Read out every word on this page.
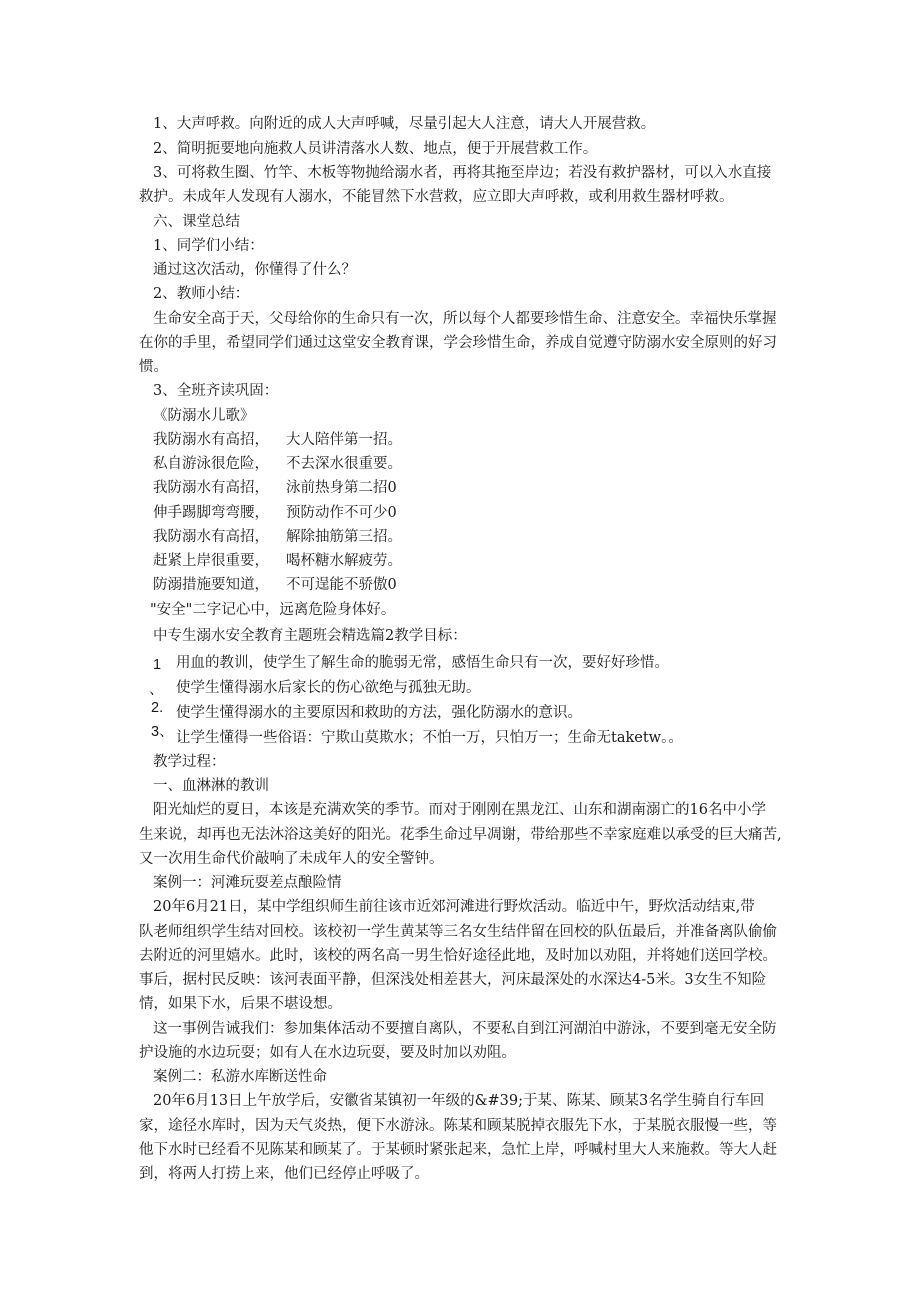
1、大声呼救。向附近的成人大声呼喊，尽量引起大人注意，请大人开展营救。
2、简明扼要地向施救人员讲清落水人数、地点，便于开展营救工作。
3、可将救生圈、竹竿、木板等物抛给溺水者，再将其拖至岸边；若没有救护器材，可以入水直接
救护。未成年人发现有人溺水，不能冒然下水营救，应立即大声呼救，或利用救生器材呼救。
六、课堂总结
1、同学们小结：
通过这次活动，你懂得了什么？
2、教师小结：
生命安全高于天，父母给你的生命只有一次，所以每个人都要珍惜生命、注意安全。幸福快乐掌握
在你的手里，希望同学们通过这堂安全教育课，学会珍惜生命，养成自觉遵守防溺水安全原则的好习
惯。
3、全班齐读巩固：
《防溺水儿歌》
我防溺水有高招， 大人陪伴第一招。
私自游泳很危险， 不去深水很重要。
我防溺水有高招， 泳前热身第二招0
伸手踢脚弯弯腰， 预防动作不可少0
我防溺水有高招， 解除抽筋第三招。
赶紧上岸很重要， 喝杯糖水解疲劳。
防溺措施要知道， 不可逞能不骄傲0
"安全"二字记心中，远离危险身体好。
中专生溺水安全教育主题班会精选篇2教学目标：
1 用血的教训，使学生了解生命的脆弱无常，感悟生命只有一次，要好好珍惜。
、 使学生懂得溺水后家长的伤心欲绝与孤独无助。
2. 使学生懂得溺水的主要原因和救助的方法，强化防溺水的意识。
3、 让学生懂得一些俗语：宁欺山莫欺水；不怕一万，只怕万一；生命无taketw。。
教学过程：
一、血淋淋的教训
阳光灿烂的夏日，本该是充满欢笑的季节。而对于刚刚在黑龙江、山东和湖南溺亡的16名中小学
生来说，却再也无法沐浴这美好的阳光。花季生命过早凋谢，带给那些不幸家庭难以承受的巨大痛苦,
又一次用生命代价敲响了未成年人的安全警钟。
案例一：河滩玩耍差点酿险情
20年6月21日，某中学组织师生前往该市近郊河滩进行野炊活动。临近中午，野炊活动结束,带
队老师组织学生结对回校。该校初一学生黄某等三名女生结伴留在回校的队伍最后，并准备离队偷偷
去附近的河里嬉水。此时，该校的两名高一男生恰好途径此地，及时加以劝阻，并将她们送回学校。
事后，据村民反映：该河表面平静，但深浅处相差甚大，河床最深处的水深达4-5米。3女生不知险
情，如果下水，后果不堪设想。
这一事例告诫我们：参加集体活动不要擅自离队，不要私自到江河湖泊中游泳，不要到毫无安全防
护设施的水边玩耍；如有人在水边玩耍，要及时加以劝阻。
案例二：私游水库断送性命
20年6月13日上午放学后，安徽省某镇初一年级的&#39;于某、陈某、顾某3名学生骑自行车回
家，途径水库时，因为天气炎热，便下水游泳。陈某和顾某脱掉衣服先下水，于某脱衣服慢一些，等
他下水时已经看不见陈某和顾某了。于某顿时紧张起来，急忙上岸，呼喊村里大人来施救。等大人赶
到，将两人打捞上来，他们已经停止呼吸了。
